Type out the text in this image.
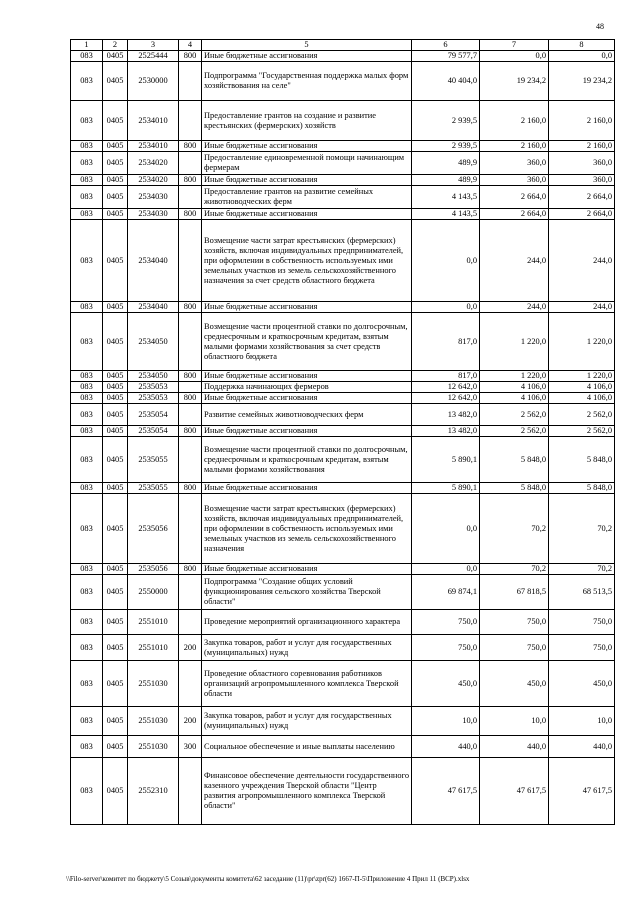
48
1	2	3	4	5	6	7	8
083	0405	2525444	800	Иные бюджетные ассигнования	79 577,7	0,0	0,0
083	0405	2530000		Подпрограмма "Государственная поддержка малых форм хозяйствования на селе"	40 404,0	19 234,2	19 234,2
083	0405	2534010		Предоставление грантов на создание и развитие крестьянских (фермерских) хозяйств	2 939,5	2 160,0	2 160,0
083	0405	2534010	800	Иные бюджетные ассигнования	2 939,5	2 160,0	2 160,0
083	0405	2534020		Предоставление единовременной помощи начинающим фермерам	489,9	360,0	360,0
083	0405	2534020	800	Иные бюджетные ассигнования	489,9	360,0	360,0
083	0405	2534030		Предоставление грантов на развитие семейных животноводческих ферм	4 143,5	2 664,0	2 664,0
083	0405	2534030	800	Иные бюджетные ассигнования	4 143,5	2 664,0	2 664,0
083	0405	2534040		Возмещение части затрат крестьянских (фермерских) хозяйств, включая индивидуальных предпринимателей, при оформлении в собственность используемых ими земельных участков из земель сельскохозяйственного назначения за счет средств областного бюджета	0,0	244,0	244,0
083	0405	2534040	800	Иные бюджетные ассигнования	0,0	244,0	244,0
083	0405	2534050		Возмещение части процентной ставки по долгосрочным, среднесрочным и краткосрочным кредитам, взятым малыми формами хозяйствования за счет средств областного бюджета	817,0	1 220,0	1 220,0
083	0405	2534050	800	Иные бюджетные ассигнования	817,0	1 220,0	1 220,0
083	0405	2535053		Поддержка начинающих фермеров	12 642,0	4 106,0	4 106,0
083	0405	2535053	800	Иные бюджетные ассигнования	12 642,0	4 106,0	4 106,0
083	0405	2535054		Развитие семейных животноводческих ферм	13 482,0	2 562,0	2 562,0
083	0405	2535054	800	Иные бюджетные ассигнования	13 482,0	2 562,0	2 562,0
083	0405	2535055		Возмещение части процентной ставки по долгосрочным, среднесрочным и краткосрочным кредитам, взятым малыми формами хозяйствования	5 890,1	5 848,0	5 848,0
083	0405	2535055	800	Иные бюджетные ассигнования	5 890,1	5 848,0	5 848,0
083	0405	2535056		Возмещение части затрат крестьянских (фермерских) хозяйств, включая индивидуальных предпринимателей, при оформлении в собственность используемых ими земельных участков из земель сельскохозяйственного назначения	0,0	70,2	70,2
083	0405	2535056	800	Иные бюджетные ассигнования	0,0	70,2	70,2
083	0405	2550000		Подпрограмма "Создание общих условий функционирования сельского хозяйства Тверской области"	69 874,1	67 818,5	68 513,5
083	0405	2551010		Проведение мероприятий организационного характера	750,0	750,0	750,0
083	0405	2551010	200	Закупка товаров, работ и услуг для государственных (муниципальных) нужд	750,0	750,0	750,0
083	0405	2551030		Проведение областного соревнования работников организаций агропромышленного комплекса Тверской области	450,0	450,0	450,0
083	0405	2551030	200	Закупка товаров, работ и услуг для государственных (муниципальных) нужд	10,0	10,0	10,0
083	0405	2551030	300	Социальное обеспечение и иные выплаты населению	440,0	440,0	440,0
083	0405	2552310		Финансовое обеспечение деятельности государственного казенного учреждения Тверской области "Центр развития агропромышленного комплекса Тверской области"	47 617,5	47 617,5	47 617,5
\\Filo-server\комитет по бюджету\5 Созыв\документы комитета\62 заседание (11)\pr\zpr(62) 1667-П-5\Приложение 4 Прил 11 (ВСР).xlsx
